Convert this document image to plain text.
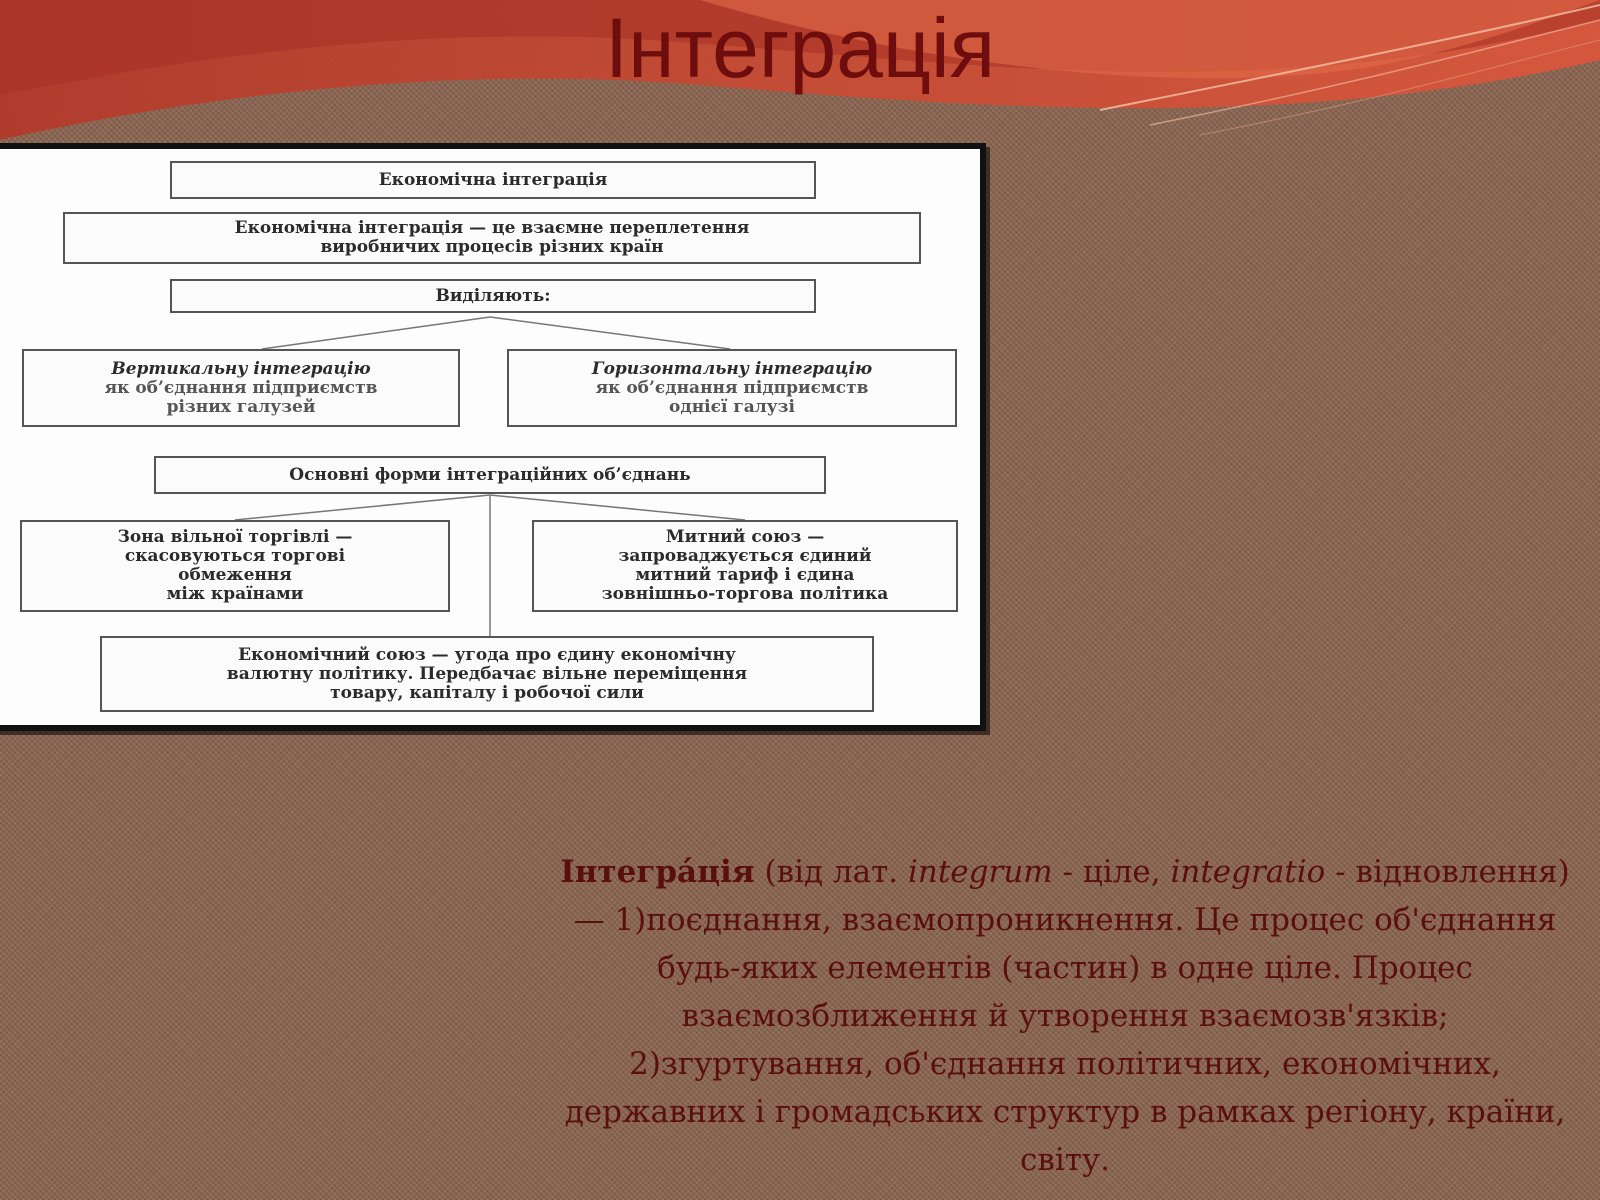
Інтеграція
Економічна інтеграція
Економічна інтеграція — це взаємне переплетення
виробничих процесів різних країн
Виділяють:
Вертикальну інтеграцію
як об’єднання підприємств
різних галузей
Горизонтальну інтеграцію
як об’єднання підприємств
однієї галузі
Основні форми інтеграційних об’єднань
Зона вільної торгівлі —
скасовуються торгові
обмеження
між країнами
Митний союз —
запроваджується єдиний
митний тариф і єдина
зовнішньо-торгова політика
Економічний союз — угода про єдину економічну
валютну політику. Передбачає вільне переміщення
товару, капіталу і робочої сили
Інтегрáція (від лат. integrum - ціле, integratio - відновлення) — 1)поєднання, взаємопроникнення. Це процес об'єднання будь-яких елементів (частин) в одне ціле. Процес взаємозближення й утворення взаємозв'язків; 2)згуртування, об'єднання політичних, економічних, державних і громадських структур в рамках регіону, країни, світу.
